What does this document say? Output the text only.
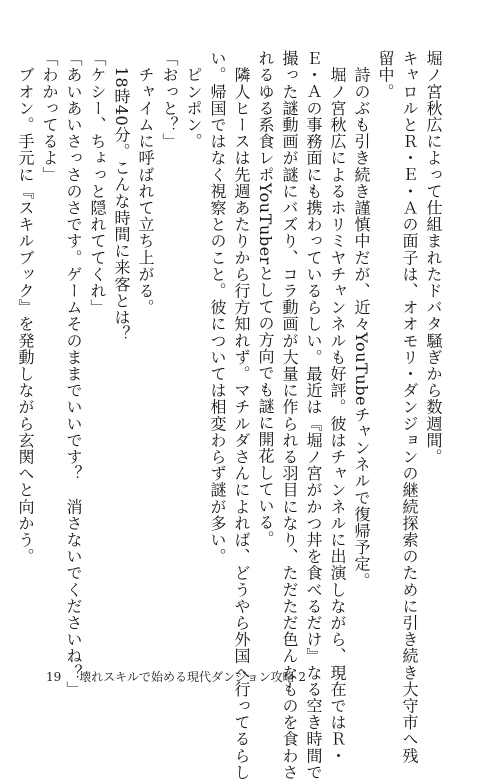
堀ノ宮秋広によって仕組まれたドバタ騒ぎから数週間。
キャロルとＲ・Ｅ・Ａの面子は、オオモリ・ダンジョンの継続探索のために引き続き大守市へ残
留中。
　詩のぶも引き続き謹慎中だが、近々YouTubeチャンネルで復帰予定。
　堀ノ宮秋広によるホリミヤチャンネルも好評。彼はチャンネルに出演しながら、現在ではＲ・
Ｅ・Ａの事務面にも携わっているらしい。最近は『堀ノ宮がかつ丼を食べるだけ』なる空き時間で
撮った謎動画が謎にバズり、コラ動画が大量に作られる羽目になり、ただただ色んなものを食わさ
れるゆる系食レポYouTuberとしての方向でも謎に開花している。
　隣人ヒースは先週あたりから行方知れず。マチルダさんによれば、どうやら外国へ行ってるらし
い。帰国ではなく視察とのこと。彼については相変わらず謎が多い。
　ピンポン。
「おっと？」
　チャイムに呼ばれて立ち上がる。
　18時40分。こんな時間に来客とは？
「ケシー、ちょっと隠れててくれ」
「あいあいさっさのさです。ゲームそのままでいいです？　消さないでくださいね？」
「わかってるよ」
　ブオン。手元に『スキルブック』を発動しながら玄関へと向かう。
19 壊れスキルで始める現代ダンジョン攻略 2
